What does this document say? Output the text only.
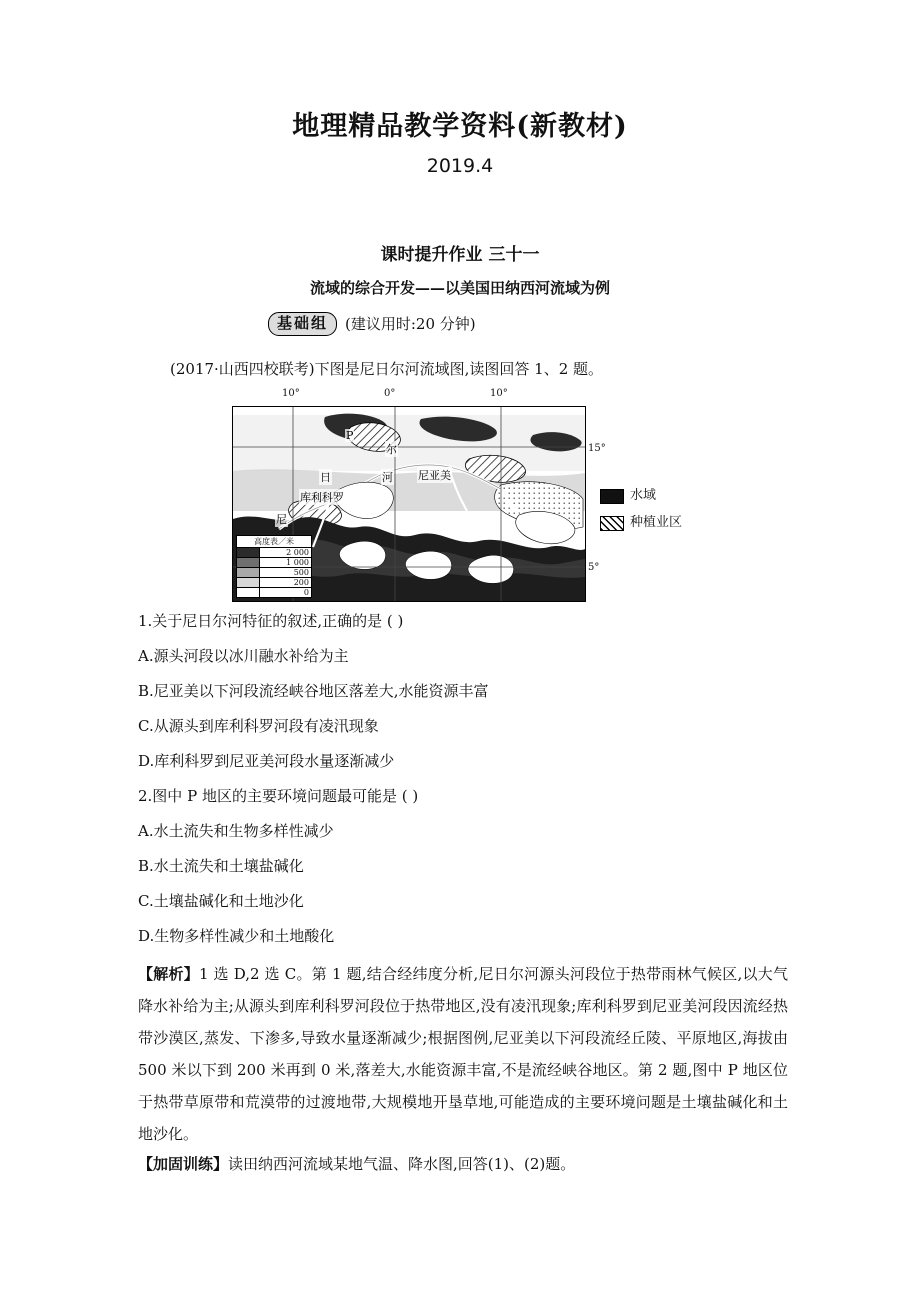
地理精品教学资料(新教材)
2019.4
课时提升作业 三十一
流域的综合开发——以美国田纳西河流域为例
基础组	(建议用时:20 分钟)
(2017·山西四校联考)下图是尼日尔河流域图,读图回答 1、2 题。
10°	0°	10°
P
尔
日	河 尼亚美
库利科罗
尼
高度表／米
2 000
1 000
500
200
0
15°
5°
水域
种植业区
1.关于尼日尔河特征的叙述,正确的是 ( )
A.源头河段以冰川融水补给为主
B.尼亚美以下河段流经峡谷地区落差大,水能资源丰富
C.从源头到库利科罗河段有凌汛现象
D.库利科罗到尼亚美河段水量逐渐减少
2.图中 P 地区的主要环境问题最可能是 ( )
A.水土流失和生物多样性减少
B.水土流失和土壤盐碱化
C.土壤盐碱化和土地沙化
D.生物多样性减少和土地酸化
【解析】1 选 D,2 选 C。第 1 题,结合经纬度分析,尼日尔河源头河段位于热带雨林气候区,以大气降水补给为主;从源头到库利科罗河段位于热带地区,没有凌汛现象;库利科罗到尼亚美河段因流经热带沙漠区,蒸发、下渗多,导致水量逐渐减少;根据图例,尼亚美以下河段流经丘陵、平原地区,海拔由 500 米以下到 200 米再到 0 米,落差大,水能资源丰富,不是流经峡谷地区。第 2 题,图中 P 地区位于热带草原带和荒漠带的过渡地带,大规模地开垦草地,可能造成的主要环境问题是土壤盐碱化和土地沙化。
【加固训练】读田纳西河流域某地气温、降水图,回答(1)、(2)题。
